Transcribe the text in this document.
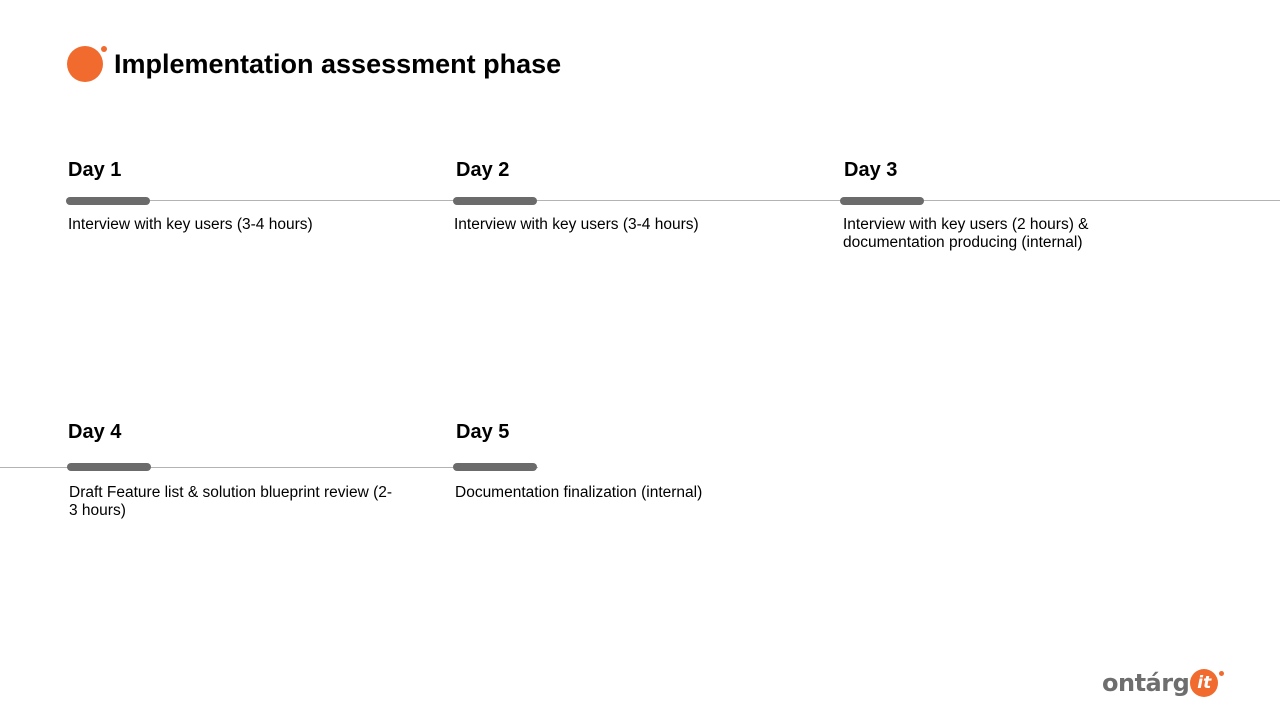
Implementation assessment phase
Day 1
Interview with key users (3-4 hours)
Day 2
Interview with key users (3-4 hours)
Day 3
Interview with key users (2 hours) & documentation producing (internal)
Day 4
Draft Feature list & solution blueprint review (2-3 hours)
Day 5
Documentation finalization (internal)
ontárg it
